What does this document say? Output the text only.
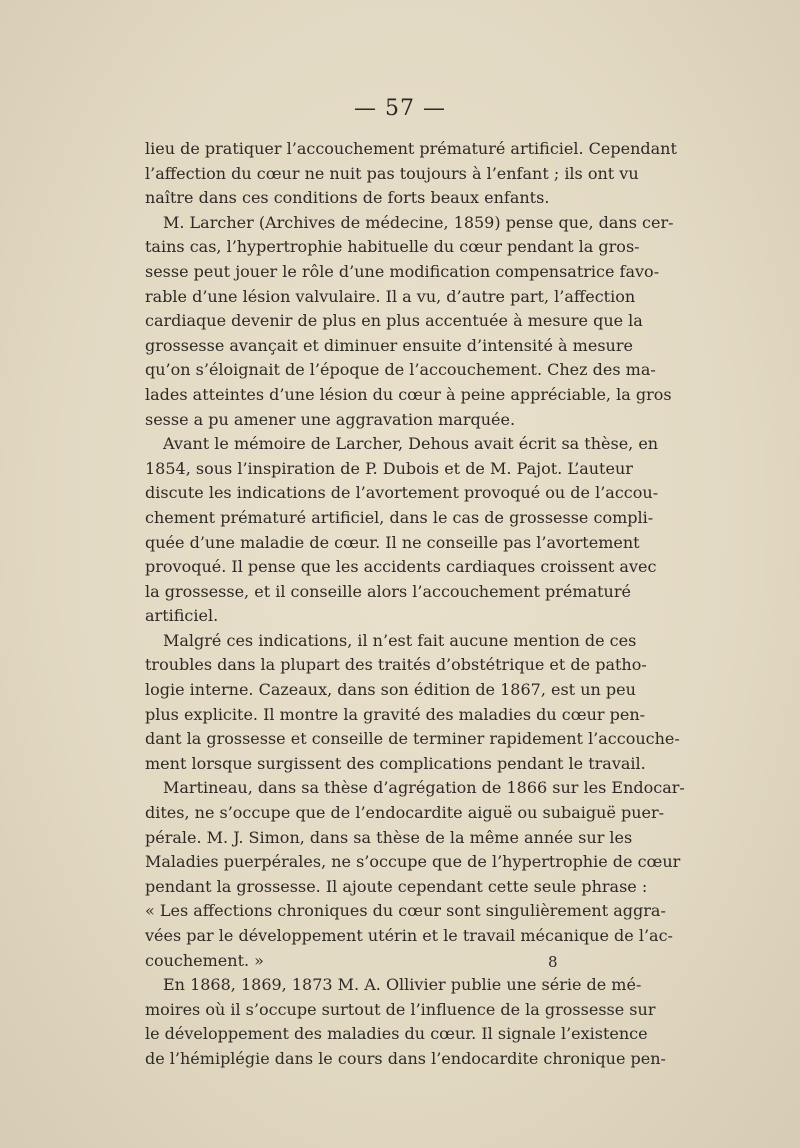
— 57 —
lieu de pratiquer l’accouchement prématuré artificiel. Cependant
l’affection du cœur ne nuit pas toujours à l’enfant ; ils ont vu
naître dans ces conditions de forts beaux enfants.
M. Larcher (Archives de médecine, 1859) pense que, dans cer-
tains cas, l’hypertrophie habituelle du cœur pendant la gros-
sesse peut jouer le rôle d’une modification compensatrice favo-
rable d’une lésion valvulaire. Il a vu, d’autre part, l’affection
cardiaque devenir de plus en plus accentuée à mesure que la
grossesse avançait et diminuer ensuite d’intensité à mesure
qu’on s’éloignait de l’époque de l’accouchement. Chez des ma-
lades atteintes d’une lésion du cœur à peine appréciable, la gros
sesse a pu amener une aggravation marquée.
Avant le mémoire de Larcher, Dehous avait écrit sa thèse, en
1854, sous l’inspiration de P. Dubois et de M. Pajot. L’auteur
discute les indications de l’avortement provoqué ou de l’accou-
chement prématuré artificiel, dans le cas de grossesse compli-
quée d’une maladie de cœur. Il ne conseille pas l’avortement
provoqué. Il pense que les accidents cardiaques croissent avec
la grossesse, et il conseille alors l’accouchement prématuré
artificiel.
Malgré ces indications, il n’est fait aucune mention de ces
troubles dans la plupart des traités d’obstétrique et de patho-
logie interne. Cazeaux, dans son édition de 1867, est un peu
plus explicite. Il montre la gravité des maladies du cœur pen-
dant la grossesse et conseille de terminer rapidement l’accouche-
ment lorsque surgissent des complications pendant le travail.
Martineau, dans sa thèse d’agrégation de 1866 sur les Endocar-
dites, ne s’occupe que de l’endocardite aiguë ou subaiguë puer-
pérale. M. J. Simon, dans sa thèse de la même année sur les
Maladies puerpérales, ne s’occupe que de l’hypertrophie de cœur
pendant la grossesse. Il ajoute cependant cette seule phrase :
« Les affections chroniques du cœur sont singulièrement aggra-
vées par le développement utérin et le travail mécanique de l’ac-
couchement. »
En 1868, 1869, 1873 M. A. Ollivier publie une série de mé-
moires où il s’occupe surtout de l’influence de la grossesse sur
le développement des maladies du cœur. Il signale l’existence
de l’hémiplégie dans le cours dans l’endocardite chronique pen-
8
